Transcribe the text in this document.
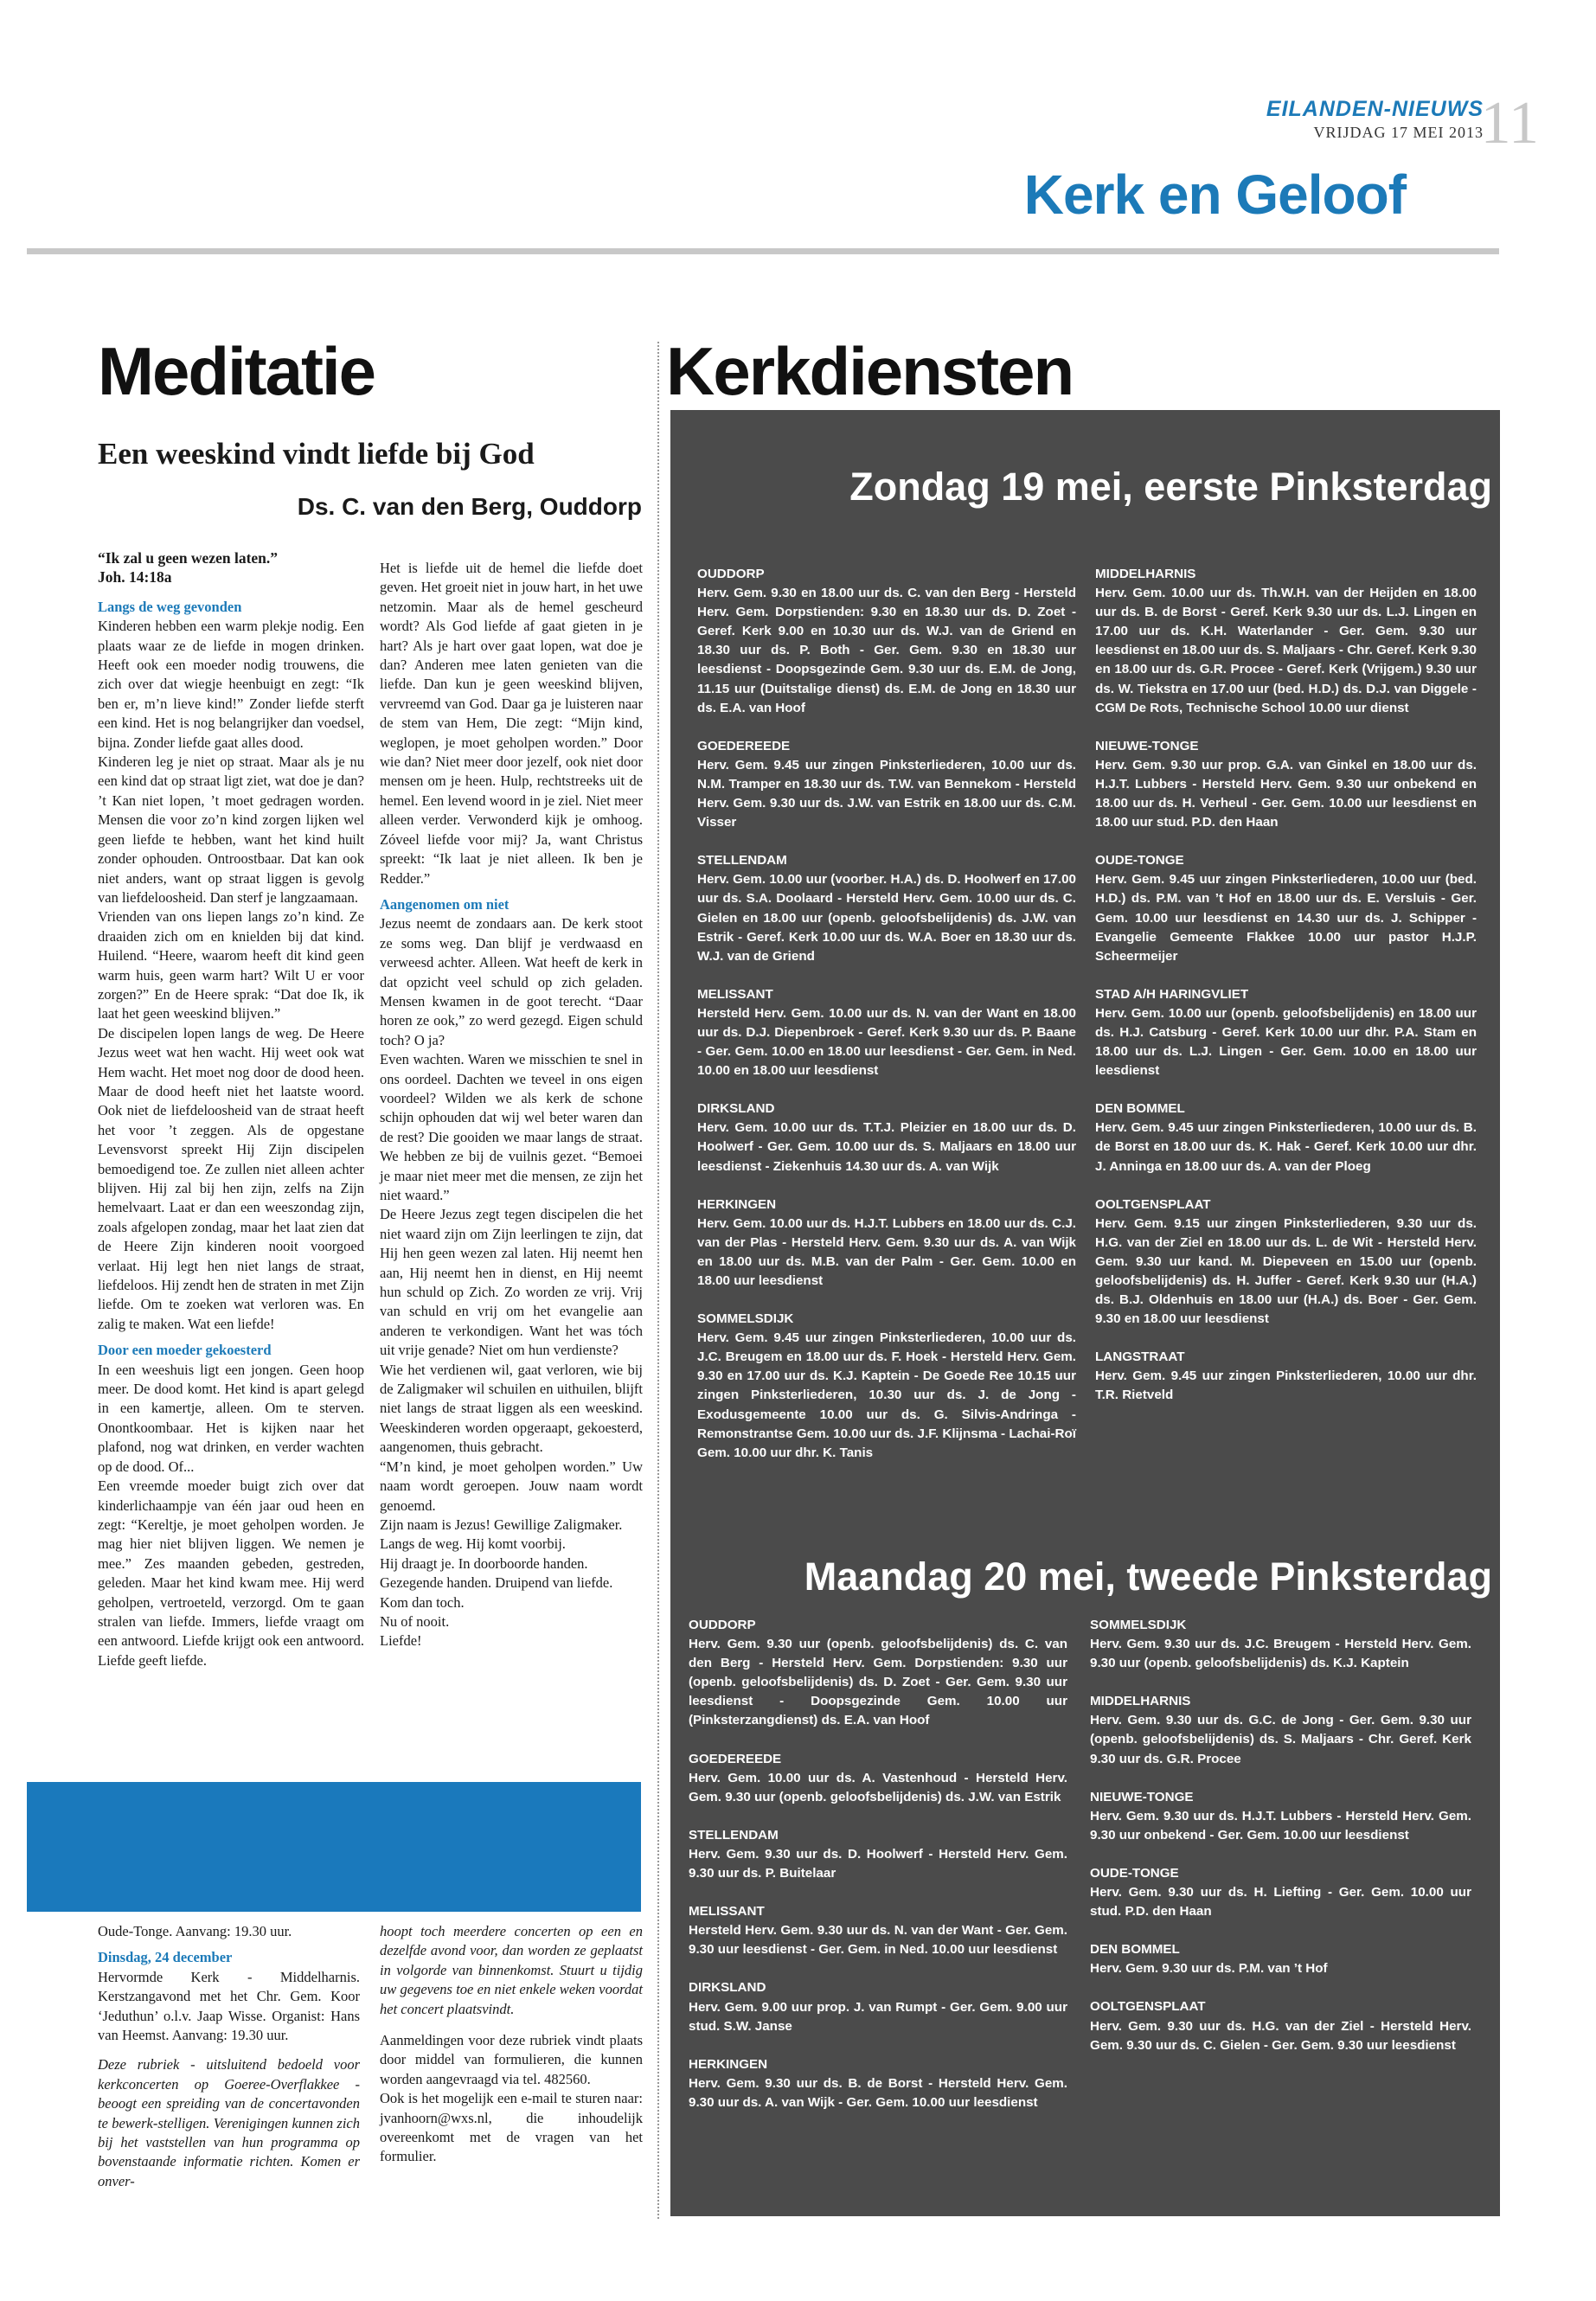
EILANDEN-NIEUWS
VRIJDAG 17 MEI 2013
11
Kerk en Geloof
Meditatie
Een weeskind vindt liefde bij God
Ds. C. van den Berg, Ouddorp
“Ik zal u geen wezen laten.”
Joh. 14:18a

Langs de weg gevonden

Kinderen hebben een warm plekje nodig. Een plaats waar ze de liefde in mogen drinken. Heeft ook een moeder nodig trouwens, die zich over dat wiegje heenbuigt en zegt: “Ik ben er, m’n lieve kind!” Zonder liefde sterft een kind. Het is nog belangrijker dan voedsel, bijna. Zonder liefde gaat alles dood.

Kinderen leg je niet op straat. Maar als je nu een kind dat op straat ligt ziet, wat doe je dan? ’t Kan niet lopen, ’t moet gedragen worden. Mensen die voor zo’n kind zorgen lijken wel geen liefde te hebben, want het kind huilt zonder ophouden. Ontroostbaar. Dat kan ook niet anders, want op straat liggen is gevolg van liefdeloosheid. Dan sterf je langzaamaan.

Vrienden van ons liepen langs zo’n kind. Ze draaiden zich om en knielden bij dat kind. Huilend. “Heere, waarom heeft dit kind geen warm huis, geen warm hart? Wilt U er voor zorgen?” En de Heere sprak: “Dat doe Ik, ik laat het geen weeskind blijven.”

De discipelen lopen langs de weg. De Heere Jezus weet wat hen wacht. Hij weet ook wat Hem wacht. Het moet nog door de dood heen. Maar de dood heeft niet het laatste woord. Ook niet de liefdeloosheid van de straat heeft het voor ’t zeggen. Als de opgestane Levensvorst spreekt Hij Zijn discipelen bemoedigend toe. Ze zullen niet alleen achter blijven. Hij zal bij hen zijn, zelfs na Zijn hemelvaart. Laat er dan een weeszondag zijn, zoals afgelopen zondag, maar het laat zien dat de Heere Zijn kinderen nooit voorgoed verlaat. Hij legt hen niet langs de straat, liefdeloos. Hij zendt hen de straten in met Zijn liefde. Om te zoeken wat verloren was. En zalig te maken. Wat een liefde!

Door een moeder gekoesterd

In een weeshuis ligt een jongen. Geen hoop meer. De dood komt. Het kind is apart gelegd in een kamertje, alleen. Om te sterven. Onontkoombaar. Het is kijken naar het plafond, nog wat drinken, en verder wachten op de dood. Of...

Een vreemde moeder buigt zich over dat kinderlichaampje van één jaar oud heen en zegt: “Kereltje, je moet geholpen worden. Je mag hier niet blijven liggen. We nemen je mee.” Zes maanden gebeden, gestreden, geleden. Maar het kind kwam mee. Hij werd geholpen, vertroeteld, verzorgd. Om te gaan stralen van liefde. Immers, liefde vraagt om een antwoord. Liefde krijgt ook een antwoord. Liefde geeft liefde.

Het is liefde uit de hemel die liefde doet geven. Het groeit niet in jouw hart, in het uwe netzomin. Maar als de hemel gescheurd wordt? Als God liefde af gaat gieten in je hart? Als je hart over gaat lopen, wat doe je dan? Anderen mee laten genieten van die liefde. Dan kun je geen weeskind blijven, vervreemd van God. Daar ga je luisteren naar de stem van Hem, Die zegt: “Mijn kind, weglopen, je moet geholpen worden.” Door wie dan? Niet meer door jezelf, ook niet door mensen om je heen. Hulp, rechtstreeks uit de hemel. Een levend woord in je ziel. Niet meer alleen verder. Verwonderd kijk je omhoog. Zóveel liefde voor mij? Ja, want Christus spreekt: “Ik laat je niet alleen. Ik ben je Redder.”

Aangenomen om niet

Jezus neemt de zondaars aan. De kerk stoot ze soms weg. Dan blijf je verdwaasd en verweesd achter. Alleen. Wat heeft de kerk in dat opzicht veel schuld op zich geladen. Mensen kwamen in de goot terecht. “Daar horen ze ook,” zo werd gezegd. Eigen schuld toch? O ja?

Even wachten. Waren we misschien te snel in ons oordeel. Dachten we teveel in ons eigen voordeel? Wilden we als kerk de schone schijn ophouden dat wij wel beter waren dan de rest? Die gooiden we maar langs de straat. We hebben ze bij de vuilnis gezet. “Bemoei je maar niet meer met die mensen, ze zijn het niet waard.”

De Heere Jezus zegt tegen discipelen die het niet waard zijn om Zijn leerlingen te zijn, dat Hij hen geen wezen zal laten. Hij neemt hen aan, Hij neemt hen in dienst, en Hij neemt hun schuld op Zich. Zo worden ze vrij. Vrij van schuld en vrij om het evangelie aan anderen te verkondigen. Want het was tóch uit vrije genade? Niet om hun verdienste?

Wie het verdienen wil, gaat verloren, wie bij de Zaligmaker wil schuilen en uithuilen, blijft niet langs de straat liggen als een weeskind. Weeskinderen worden opgeraapt, gekoesterd, aangenomen, thuis gebracht.

“M’n kind, je moet geholpen worden.” Uw naam wordt geroepen. Jouw naam wordt genoemd.

Zijn naam is Jezus! Gewillige Zaligmaker.

Langs de weg. Hij komt voorbij.

Hij draagt je. In doorboorde handen.

Gezegende handen. Druipend van liefde.

Kom dan toch.

Nu of nooit.

Liefde!

Oude-Tonge. Aanvang: 19.30 uur.

Dinsdag, 24 december

Hervormde Kerk - Middelharnis. Kerstzangavond met het Chr. Gem. Koor ‘Jeduthun’ o.l.v. Jaap Wisse. Organist: Hans van Heemst. Aanvang: 19.30 uur.

Deze rubriek - uitsluitend bedoeld voor kerkconcerten op Goeree-Overflakkee - beoogt een spreiding van de concertavonden te bewerk-stelligen. Verenigingen kunnen zich bij het vaststellen van hun programma op bovenstaande informatie richten. Komen er onver-

hoopt toch meerdere concerten op een en dezelfde avond voor, dan worden ze geplaatst in volgorde van binnenkomst. Stuurt u tijdig uw gegevens toe en niet enkele weken voordat het concert plaatsvindt.

Aanmeldingen voor deze rubriek vindt plaats door middel van formulieren, die kunnen worden aangevraagd via tel. 482560.

Ook is het mogelijk een e-mail te sturen naar: jvanhoorn@wxs.nl, die inhoudelijk overeenkomt met de vragen van het formulier.

Kerkdiensten
Zondag 19 mei, eerste Pinksterdag
OUDDORP
Herv. Gem. 9.30 en 18.00 uur ds. C. van den Berg - Hersteld Herv. Gem. Dorpstienden: 9.30 en 18.30 uur ds. D. Zoet - Geref. Kerk 9.00 en 10.30 uur ds. W.J. van de Griend en 18.30 uur ds. P. Both - Ger. Gem. 9.30 en 18.30 uur leesdienst - Doopsgezinde Gem. 9.30 uur ds. E.M. de Jong, 11.15 uur (Duitstalige dienst) ds. E.M. de Jong en 18.30 uur ds. E.A. van Hoof
GOEDEREEDE
Herv. Gem. 9.45 uur zingen Pinksterliederen, 10.00 uur ds. N.M. Tramper en 18.30 uur ds. T.W. van Bennekom - Hersteld Herv. Gem. 9.30 uur ds. J.W. van Estrik en 18.00 uur ds. C.M. Visser
STELLENDAM
Herv. Gem. 10.00 uur (voorber. H.A.) ds. D. Hoolwerf en 17.00 uur ds. S.A. Doolaard - Hersteld Herv. Gem. 10.00 uur ds. C. Gielen en 18.00 uur (openb. geloofsbelijdenis) ds. J.W. van Estrik - Geref. Kerk 10.00 uur ds. W.A. Boer en 18.30 uur ds. W.J. van de Griend
MELISSANT
Hersteld Herv. Gem. 10.00 uur ds. N. van der Want en 18.00 uur ds. D.J. Diepenbroek - Geref. Kerk 9.30 uur ds. P. Baane - Ger. Gem. 10.00 en 18.00 uur leesdienst - Ger. Gem. in Ned. 10.00 en 18.00 uur leesdienst
DIRKSLAND
Herv. Gem. 10.00 uur ds. T.T.J. Pleizier en 18.00 uur ds. D. Hoolwerf - Ger. Gem. 10.00 uur ds. S. Maljaars en 18.00 uur leesdienst - Ziekenhuis 14.30 uur ds. A. van Wijk
HERKINGEN
Herv. Gem. 10.00 uur ds. H.J.T. Lubbers en 18.00 uur ds. C.J. van der Plas - Hersteld Herv. Gem. 9.30 uur ds. A. van Wijk en 18.00 uur ds. M.B. van der Palm - Ger. Gem. 10.00 en 18.00 uur leesdienst
SOMMELSDIJK
Herv. Gem. 9.45 uur zingen Pinksterliederen, 10.00 uur ds. J.C. Breugem en 18.00 uur ds. F. Hoek - Hersteld Herv. Gem. 9.30 en 17.00 uur ds. K.J. Kaptein - De Goede Ree 10.15 uur zingen Pinksterliederen, 10.30 uur ds. J. de Jong - Exodusgemeente 10.00 uur ds. G. Silvis-Andringa - Remonstrantse Gem. 10.00 uur ds. J.F. Klijnsma - Lachai-Roï Gem. 10.00 uur dhr. K. Tanis
MIDDELHARNIS
Herv. Gem. 10.00 uur ds. Th.W.H. van der Heijden en 18.00 uur ds. B. de Borst - Geref. Kerk 9.30 uur ds. L.J. Lingen en 17.00 uur ds. K.H. Waterlander - Ger. Gem. 9.30 uur leesdienst en 18.00 uur ds. S. Maljaars - Chr. Geref. Kerk 9.30 en 18.00 uur ds. G.R. Procee - Geref. Kerk (Vrijgem.) 9.30 uur ds. W. Tiekstra en 17.00 uur (bed. H.D.) ds. D.J. van Diggele - CGM De Rots, Technische School 10.00 uur dienst
NIEUWE-TONGE
Herv. Gem. 9.30 uur prop. G.A. van Ginkel en 18.00 uur ds. H.J.T. Lubbers - Hersteld Herv. Gem. 9.30 uur onbekend en 18.00 uur ds. H. Verheul - Ger. Gem. 10.00 uur leesdienst en 18.00 uur stud. P.D. den Haan
OUDE-TONGE
Herv. Gem. 9.45 uur zingen Pinksterliederen, 10.00 uur (bed. H.D.) ds. P.M. van ’t Hof en 18.00 uur ds. E. Versluis - Ger. Gem. 10.00 uur leesdienst en 14.30 uur ds. J. Schipper - Evangelie Gemeente Flakkee 10.00 uur pastor H.J.P. Scheermeijer
STAD A/H HARINGVLIET
Herv. Gem. 10.00 uur (openb. geloofsbelijdenis) en 18.00 uur ds. H.J. Catsburg - Geref. Kerk 10.00 uur dhr. P.A. Stam en 18.00 uur ds. L.J. Lingen - Ger. Gem. 10.00 en 18.00 uur leesdienst
DEN BOMMEL
Herv. Gem. 9.45 uur zingen Pinksterliederen, 10.00 uur ds. B. de Borst en 18.00 uur ds. K. Hak - Geref. Kerk 10.00 uur dhr. J. Anninga en 18.00 uur ds. A. van der Ploeg
OOLTGENSPLAAT
Herv. Gem. 9.15 uur zingen Pinksterliederen, 9.30 uur ds. H.G. van der Ziel en 18.00 uur ds. L. de Wit - Hersteld Herv. Gem. 9.30 uur kand. M. Diepeveen en 15.00 uur (openb. geloofsbelijdenis) ds. H. Juffer - Geref. Kerk 9.30 uur (H.A.) ds. B.J. Oldenhuis en 18.00 uur (H.A.) ds. Boer - Ger. Gem. 9.30 en 18.00 uur leesdienst
LANGSTRAAT
Herv. Gem. 9.45 uur zingen Pinksterliederen, 10.00 uur dhr. T.R. Rietveld
Maandag 20 mei, tweede Pinksterdag
OUDDORP
Herv. Gem. 9.30 uur (openb. geloofsbelijdenis) ds. C. van den Berg - Hersteld Herv. Gem. Dorpstienden: 9.30 uur (openb. geloofsbelijdenis) ds. D. Zoet - Ger. Gem. 9.30 uur leesdienst - Doopsgezinde Gem. 10.00 uur (Pinksterzangdienst) ds. E.A. van Hoof
GOEDEREEDE
Herv. Gem. 10.00 uur ds. A. Vastenhoud - Hersteld Herv. Gem. 9.30 uur (openb. geloofsbelijdenis) ds. J.W. van Estrik
STELLENDAM
Herv. Gem. 9.30 uur ds. D. Hoolwerf - Hersteld Herv. Gem. 9.30 uur ds. P. Buitelaar
MELISSANT
Hersteld Herv. Gem. 9.30 uur ds. N. van der Want - Ger. Gem. 9.30 uur leesdienst - Ger. Gem. in Ned. 10.00 uur leesdienst
DIRKSLAND
Herv. Gem. 9.00 uur prop. J. van Rumpt - Ger. Gem. 9.00 uur stud. S.W. Janse
HERKINGEN
Herv. Gem. 9.30 uur ds. B. de Borst - Hersteld Herv. Gem. 9.30 uur ds. A. van Wijk - Ger. Gem. 10.00 uur leesdienst
SOMMELSDIJK
Herv. Gem. 9.30 uur ds. J.C. Breugem - Hersteld Herv. Gem. 9.30 uur (openb. geloofsbelijdenis) ds. K.J. Kaptein
MIDDELHARNIS
Herv. Gem. 9.30 uur ds. G.C. de Jong - Ger. Gem. 9.30 uur (openb. geloofsbelijdenis) ds. S. Maljaars - Chr. Geref. Kerk 9.30 uur ds. G.R. Procee
NIEUWE-TONGE
Herv. Gem. 9.30 uur ds. H.J.T. Lubbers - Hersteld Herv. Gem. 9.30 uur onbekend - Ger. Gem. 10.00 uur leesdienst
OUDE-TONGE
Herv. Gem. 9.30 uur ds. H. Liefting - Ger. Gem. 10.00 uur stud. P.D. den Haan
DEN BOMMEL
Herv. Gem. 9.30 uur ds. P.M. van ’t Hof
OOLTGENSPLAAT
Herv. Gem. 9.30 uur ds. H.G. van der Ziel - Hersteld Herv. Gem. 9.30 uur ds. C. Gielen - Ger. Gem. 9.30 uur leesdienst
